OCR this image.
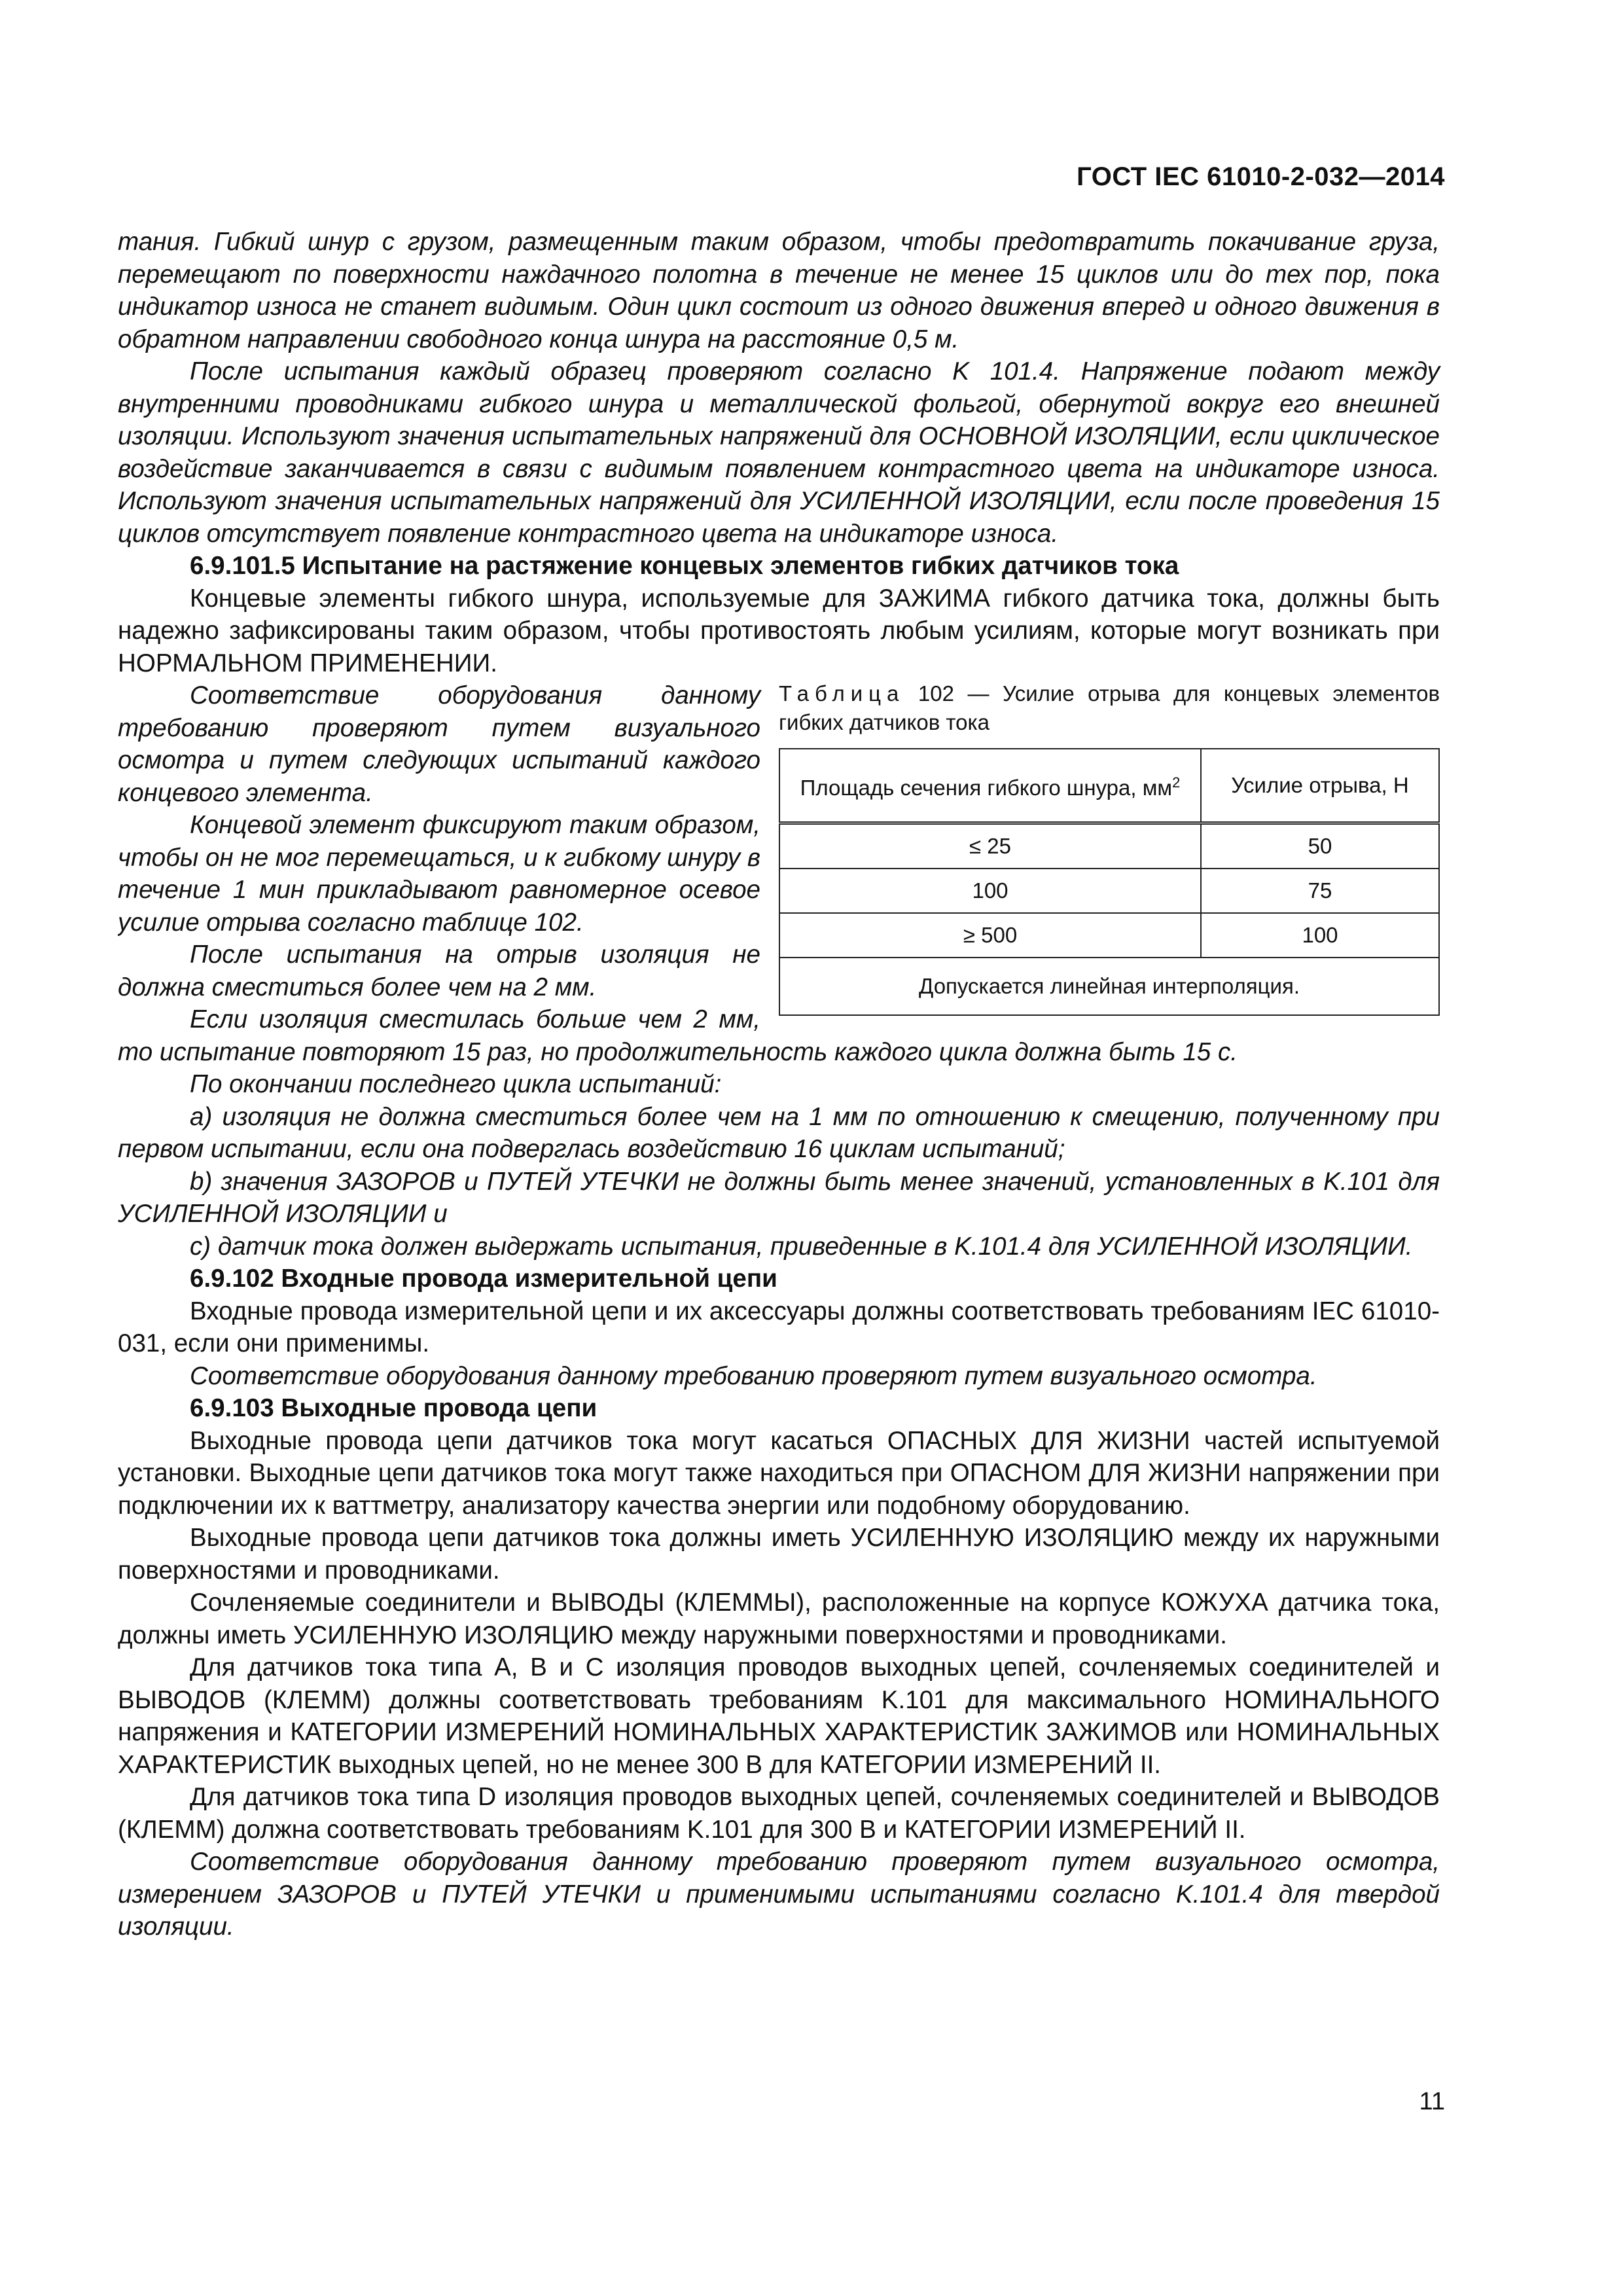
ГОСТ IEC 61010-2-032—2014

тания. Гибкий шнур с грузом, размещенным таким образом, чтобы предотвратить покачивание груза, перемещают по поверхности наждачного полотна в течение не менее 15 циклов или до тех пор, пока индикатор износа не станет видимым. Один цикл состоит из одного движения вперед и одного движения в обратном направлении свободного конца шнура на расстояние 0,5 м.

После испытания каждый образец проверяют согласно K 101.4. Напряжение подают между внутренними проводниками гибкого шнура и металлической фольгой, обернутой вокруг его внешней изоляции. Используют значения испытательных напряжений для ОСНОВНОЙ ИЗОЛЯЦИИ, если циклическое воздействие заканчивается в связи с видимым появлением контрастного цвета на индикаторе износа. Используют значения испытательных напряжений для УСИЛЕННОЙ ИЗОЛЯЦИИ, если после проведения 15 циклов отсутствует появление контрастного цвета на индикаторе износа.

6.9.101.5 Испытание на растяжение концевых элементов гибких датчиков тока

Концевые элементы гибкого шнура, используемые для ЗАЖИМА гибкого датчика тока, должны быть надежно зафиксированы таким образом, чтобы противостоять любым усилиям, которые могут возникать при НОРМАЛЬНОМ ПРИМЕНЕНИИ.

Таблица 102 — Усилие отрыва для концевых элементов гибких датчиков тока
Площадь сечения гибкого шнура, $мм^2$	Усилие отрыва, Н
≤ 25	50
100	75
≥ 500	100
Допускается линейная интерполяция.	

Соответствие оборудования данному требованию проверяют путем визуального осмотра и путем следующих испытаний каждого концевого элемента.

Концевой элемент фиксируют таким образом, чтобы он не мог перемещаться, и к гибкому шнуру в течение 1 мин прикладывают равномерное осевое усилие отрыва согласно таблице 102.

После испытания на отрыв изоляция не должна сместиться более чем на 2 мм.

Если изоляция сместилась больше чем 2 мм, то испытание повторяют 15 раз, но продолжительность каждого цикла должна быть 15 с.

По окончании последнего цикла испытаний:

a) изоляция не должна сместиться более чем на 1 мм по отношению к смещению, полученному при первом испытании, если она подверглась воздействию 16 циклам испытаний;

b) значения ЗАЗОРОВ и ПУТЕЙ УТЕЧКИ не должны быть менее значений, установленных в K.101 для УСИЛЕННОЙ ИЗОЛЯЦИИ и

c) датчик тока должен выдержать испытания, приведенные в K.101.4 для УСИЛЕННОЙ ИЗОЛЯЦИИ.

6.9.102 Входные провода измерительной цепи

Входные провода измерительной цепи и их аксессуары должны соответствовать требованиям IEC 61010-031, если они применимы.

Соответствие оборудования данному требованию проверяют путем визуального осмотра.

6.9.103 Выходные провода цепи

Выходные провода цепи датчиков тока могут касаться ОПАСНЫХ ДЛЯ ЖИЗНИ частей испытуемой установки. Выходные цепи датчиков тока могут также находиться при ОПАСНОМ ДЛЯ ЖИЗНИ напряжении при подключении их к ваттметру, анализатору качества энергии или подобному оборудованию.

Выходные провода цепи датчиков тока должны иметь УСИЛЕННУЮ ИЗОЛЯЦИЮ между их наружными поверхностями и проводниками.

Сочленяемые соединители и ВЫВОДЫ (КЛЕММЫ), расположенные на корпусе КОЖУХА датчика тока, должны иметь УСИЛЕННУЮ ИЗОЛЯЦИЮ между наружными поверхностями и проводниками.

Для датчиков тока типа A, B и C изоляция проводов выходных цепей, сочленяемых соединителей и ВЫВОДОВ (КЛЕММ) должны соответствовать требованиям K.101 для максимального НОМИНАЛЬНОГО напряжения и КАТЕГОРИИ ИЗМЕРЕНИЙ НОМИНАЛЬНЫХ ХАРАКТЕРИСТИК ЗАЖИМОВ или НОМИНАЛЬНЫХ ХАРАКТЕРИСТИК выходных цепей, но не менее 300 В для КАТЕГОРИИ ИЗМЕРЕНИЙ II.

Для датчиков тока типа D изоляция проводов выходных цепей, сочленяемых соединителей и ВЫВОДОВ (КЛЕММ) должна соответствовать требованиям K.101 для 300 В и КАТЕГОРИИ ИЗМЕРЕНИЙ II.

Соответствие оборудования данному требованию проверяют путем визуального осмотра, измерением ЗАЗОРОВ и ПУТЕЙ УТЕЧКИ и применимыми испытаниями согласно K.101.4 для твердой изоляции.

11
